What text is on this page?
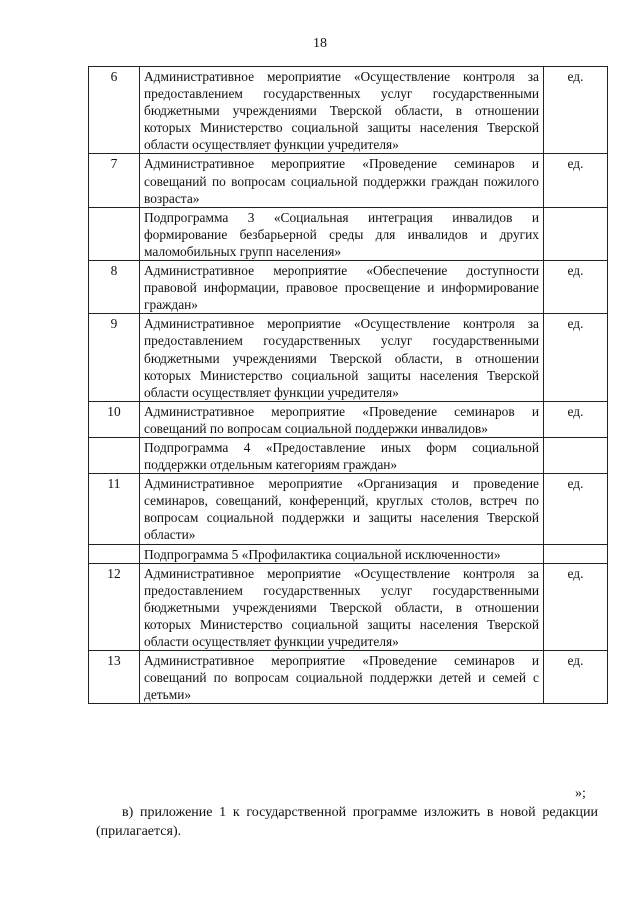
18
6	Административное мероприятие «Осуществление контроля за предоставлением государственных услуг государственными бюджетными учреждениями Тверской области, в отношении которых Министерство социальной защиты населения Тверской области осуществляет функции учредителя»	ед.
7	Административное мероприятие «Проведение семинаров и совещаний по вопросам социальной поддержки граждан пожилого возраста»	ед.
	Подпрограмма 3 «Социальная интеграция инвалидов и формирование безбарьерной среды для инвалидов и других маломобильных групп населения»	
8	Административное мероприятие «Обеспечение доступности правовой информации, правовое просвещение и информирование граждан»	ед.
9	Административное мероприятие «Осуществление контроля за предоставлением государственных услуг государственными бюджетными учреждениями Тверской области, в отношении которых Министерство социальной защиты населения Тверской области осуществляет функции учредителя»	ед.
10	Административное мероприятие «Проведение семинаров и совещаний по вопросам социальной поддержки инвалидов»	ед.
	Подпрограмма 4 «Предоставление иных форм социальной поддержки отдельным категориям граждан»	
11	Административное мероприятие «Организация и проведение семинаров, совещаний, конференций, круглых столов, встреч по вопросам социальной поддержки и защиты населения Тверской области»	ед.
	Подпрограмма 5 «Профилактика социальной исключенности»	
12	Административное мероприятие «Осуществление контроля за предоставлением государственных услуг государственными бюджетными учреждениями Тверской области, в отношении которых Министерство социальной защиты населения Тверской области осуществляет функции учредителя»	ед.
13	Административное мероприятие «Проведение семинаров и совещаний по вопросам социальной поддержки детей и семей с детьми»	ед.
»;
в) приложение 1 к государственной программе изложить в новой редакции (прилагается).
